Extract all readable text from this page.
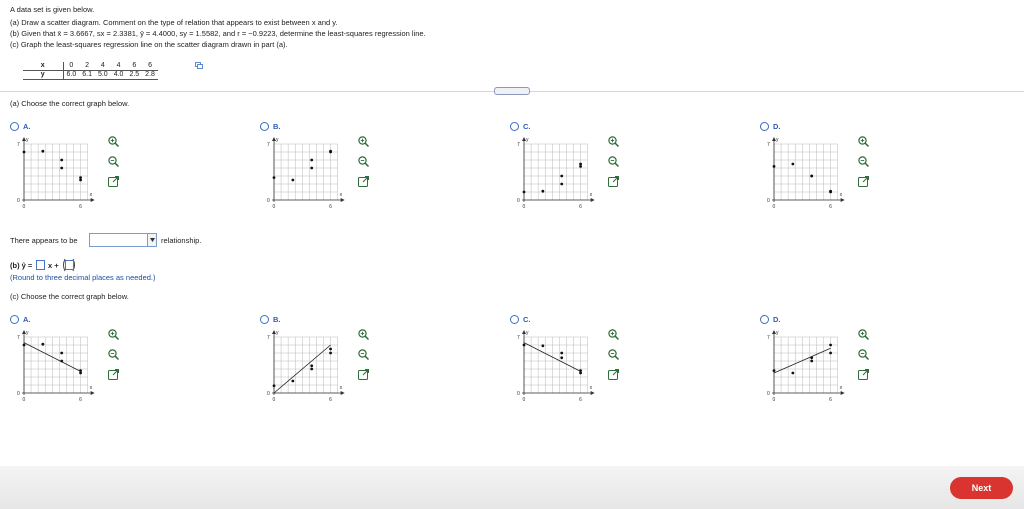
A data set is given below.
(a) Draw a scatter diagram. Comment on the type of relation that appears to exist between x and y.
(b) Given that x̄ = 3.6667, sx = 2.3381, ȳ = 4.4000, sy = 1.5582, and r = −0.9223, determine the least-squares regression line.
(c) Graph the least-squares regression line on the scatter diagram drawn in part (a).
x	0	2	4	4	6	6
y	6.0	6.1	5.0	4.0	2.5	2.8
(a) Choose the correct graph below.
There appears to be	relationship.
(b) ŷ = x +
(Round to three decimal places as needed.)
(c) Choose the correct graph below.
Next
A.
y
7
0
0	6
x
B.
y
7
0
0	6
x
C.
y
7
0
0	6
x
D.
y
7
0
0	6
x
A.
y
7
0
0	6
x
B.
y
7
0
0	6
x
C.
y
7
0
0	6
x
D.
y
7
0
0	6
x
